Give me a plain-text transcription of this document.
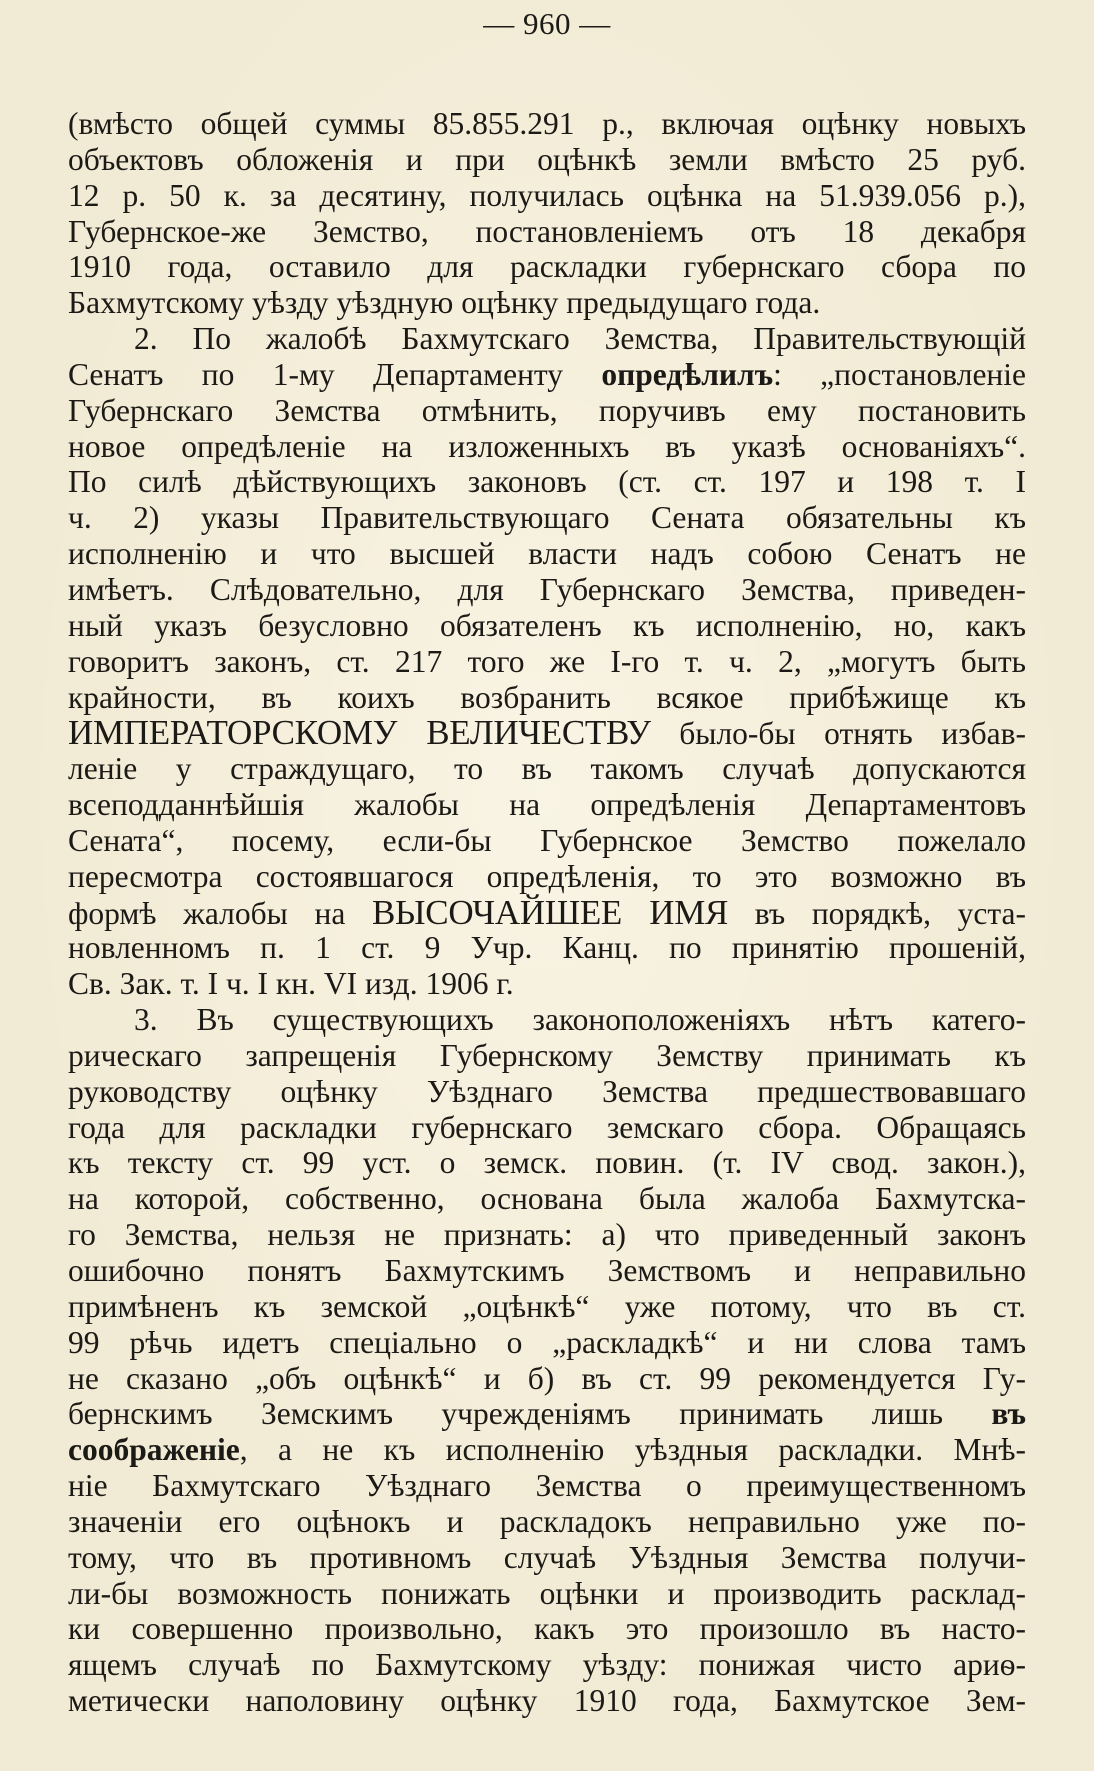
— 960 —
(вмѣсто общей суммы 85.855.291 р., включая оцѣнку новыхъ
объектовъ обложенія и при оцѣнкѣ земли вмѣсто 25 руб.
12 р. 50 к. за десятину, получилась оцѣнка на 51.939.056 р.),
Губернское-же Земство, постановленіемъ отъ 18 декабря
1910 года, оставило для раскладки губернскаго сбора по
Бахмутскому уѣзду уѣздную оцѣнку предыдущаго года.
2. По жалобѣ Бахмутскаго Земства, Правительствующій
Сенатъ по 1-му Департаменту опредѣлилъ: „постановленіе
Губернскаго Земства отмѣнить, поручивъ ему постановить
новое опредѣленіе на изложенныхъ въ указѣ основаніяхъ“.
По силѣ дѣйствующихъ законовъ (ст. ст. 197 и 198 т. I
ч. 2) указы Правительствующаго Сената обязательны къ
исполненію и что высшей власти надъ собою Сенатъ не
имѣетъ. Слѣдовательно, для Губернскаго Земства, приведен-
ный указъ безусловно обязателенъ къ исполненію, но, какъ
говоритъ законъ, ст. 217 того же I-го т. ч. 2, „могутъ быть
крайности, въ коихъ возбранить всякое прибѣжище къ
ИМПЕРАТОРСКОМУ ВЕЛИЧЕСТВУ было-бы отнять избав-
леніе у страждущаго, то въ такомъ случаѣ допускаются
всеподданнѣйшія жалобы на опредѣленія Департаментовъ
Сената“, посему, если-бы Губернское Земство пожелало
пересмотра состоявшагося опредѣленія, то это возможно въ
формѣ жалобы на ВЫСОЧАЙШЕЕ ИМЯ въ порядкѣ, уста-
новленномъ п. 1 ст. 9 Учр. Канц. по принятію прошеній,
Св. Зак. т. I ч. I кн. VI изд. 1906 г.
3. Въ существующихъ законоположеніяхъ нѣтъ катего-
рическаго запрещенія Губернскому Земству принимать къ
руководству оцѣнку Уѣзднаго Земства предшествовавшаго
года для раскладки губернскаго земскаго сбора. Обращаясь
къ тексту ст. 99 уст. о земск. повин. (т. IV свод. закон.),
на которой, собственно, основана была жалоба Бахмутска-
го Земства, нельзя не признать: а) что приведенный законъ
ошибочно понятъ Бахмутскимъ Земствомъ и неправильно
примѣненъ къ земской „оцѣнкѣ“ уже потому, что въ ст.
99 рѣчь идетъ спеціально о „раскладкѣ“ и ни слова тамъ
не сказано „объ оцѣнкѣ“ и б) въ ст. 99 рекомендуется Гу-
бернскимъ Земскимъ учрежденіямъ принимать лишь въ
соображеніе, а не къ исполненію уѣздныя раскладки. Мнѣ-
ніе Бахмутскаго Уѣзднаго Земства о преимущественномъ
значеніи его оцѣнокъ и раскладокъ неправильно уже по-
тому, что въ противномъ случаѣ Уѣздныя Земства получи-
ли-бы возможность понижать оцѣнки и производить расклад-
ки совершенно произвольно, какъ это произошло въ насто-
ящемъ случаѣ по Бахмутскому уѣзду: понижая чисто ариѳ-
метически наполовину оцѣнку 1910 года, Бахмутское Зем-
